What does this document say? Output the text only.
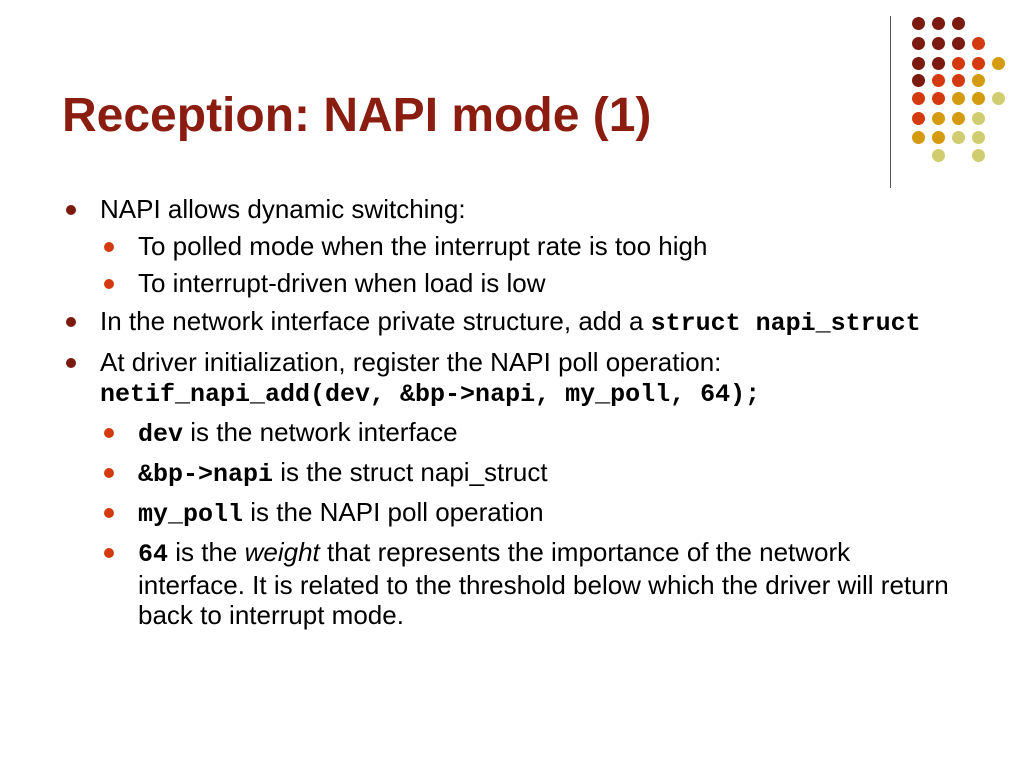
Reception: NAPI mode (1)
NAPI allows dynamic switching:
To polled mode when the interrupt rate is too high
To interrupt-driven when load is low
In the network interface private structure, add a struct napi_struct
At driver initialization, register the NAPI poll operation:
netif_napi_add(dev, &bp->napi, my_poll, 64);
dev is the network interface
&bp->napi is the struct napi_struct
my_poll is the NAPI poll operation
64 is the weight that represents the importance of the network interface. It is related to the threshold below which the driver will return back to interrupt mode.
